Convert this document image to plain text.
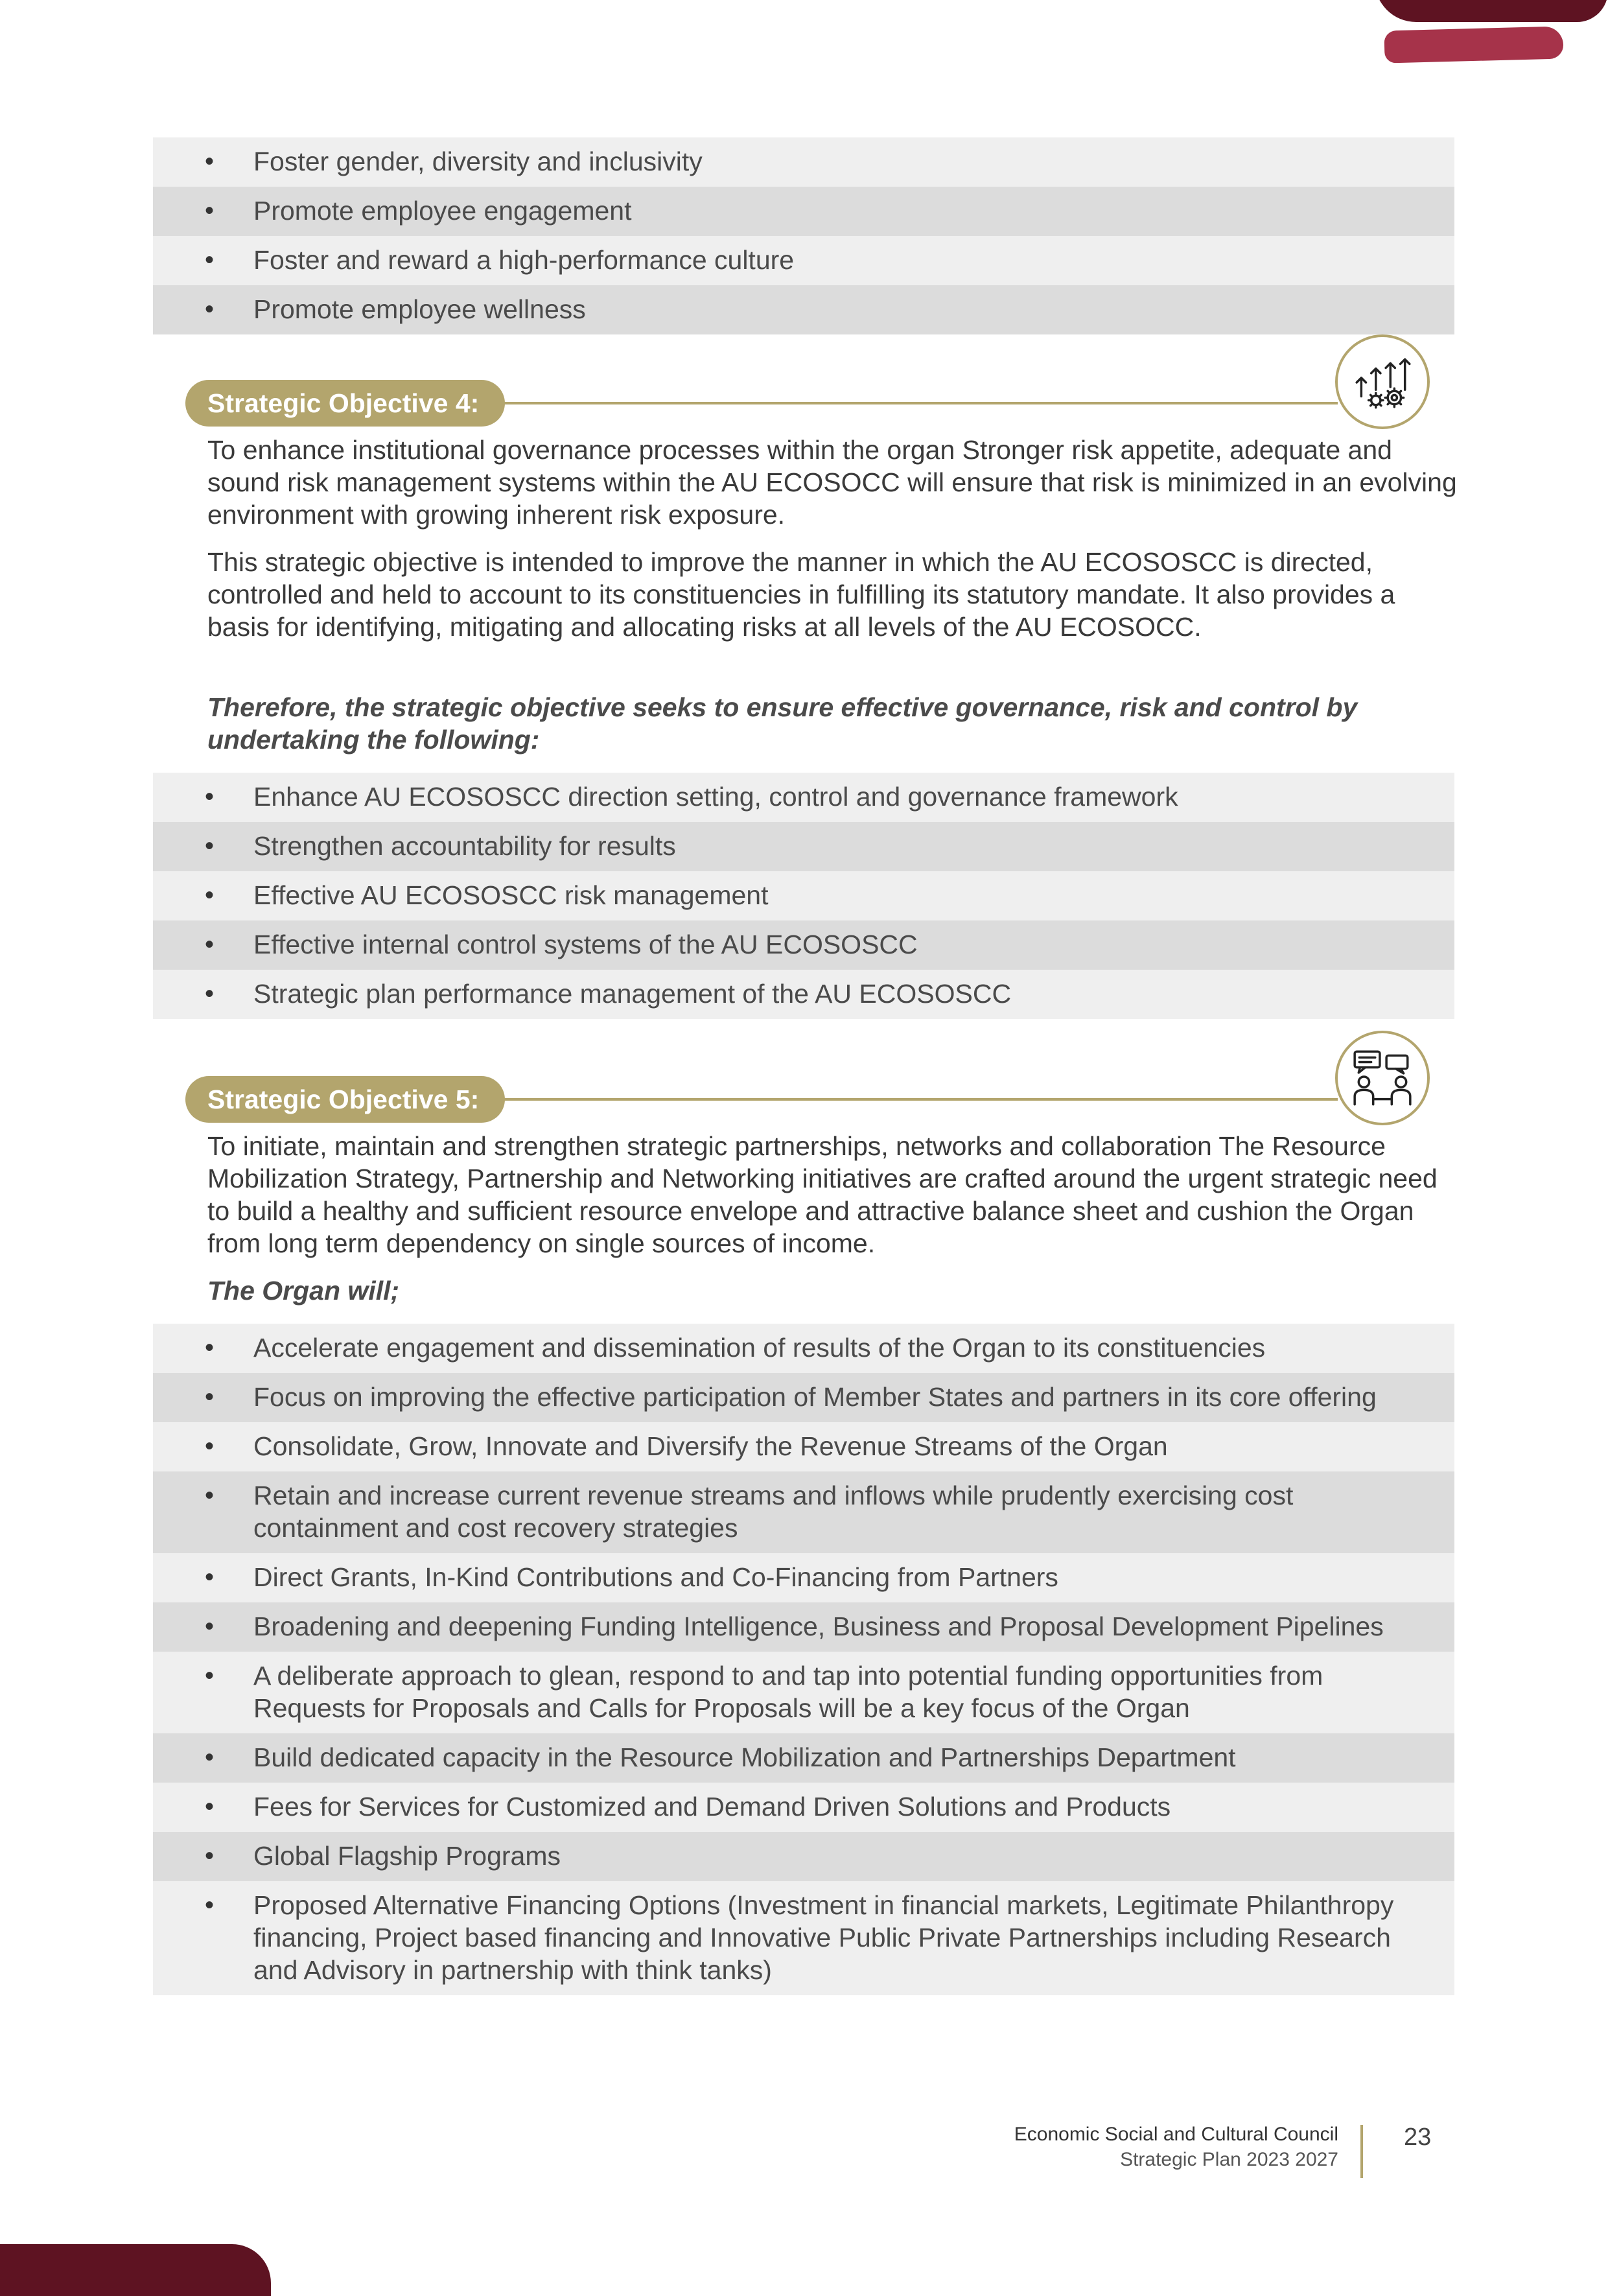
• Foster gender, diversity and inclusivity
• Promote employee engagement
• Foster and reward a high-performance culture
• Promote employee wellness
Strategic Objective 4:

To enhance institutional governance processes within the organ Stronger risk appetite, adequate and sound risk management systems within the AU ECOSOCC will ensure that risk is minimized in an evolving environment with growing inherent risk exposure.

This strategic objective is intended to improve the manner in which the AU ECOSOSCC is directed, controlled and held to account to its constituencies in fulfilling its statutory mandate. It also provides a basis for identifying, mitigating and allocating risks at all levels of the AU ECOSOCC.

Therefore, the strategic objective seeks to ensure effective governance, risk and control by undertaking the following:

• Enhance AU ECOSOSCC direction setting, control and governance framework
• Strengthen accountability for results
• Effective AU ECOSOSCC risk management
• Effective internal control systems of the AU ECOSOSCC
• Strategic plan performance management of the AU ECOSOSCC
Strategic Objective 5:

To initiate, maintain and strengthen strategic partnerships, networks and collaboration The Resource Mobilization Strategy, Partnership and Networking initiatives are crafted around the urgent strategic need to build a healthy and sufficient resource envelope and attractive balance sheet and cushion the Organ from long term dependency on single sources of income.

The Organ will;

• Accelerate engagement and dissemination of results of the Organ to its constituencies
• Focus on improving the effective participation of Member States and partners in its core offering
• Consolidate, Grow, Innovate and Diversify the Revenue Streams of the Organ
• Retain and increase current revenue streams and inflows while prudently exercising cost containment and cost recovery strategies
• Direct Grants, In-Kind Contributions and Co-Financing from Partners
• Broadening and deepening Funding Intelligence, Business and Proposal Development Pipelines
• A deliberate approach to glean, respond to and tap into potential funding opportunities from Requests for Proposals and Calls for Proposals will be a key focus of the Organ
• Build dedicated capacity in the Resource Mobilization and Partnerships Department
• Fees for Services for Customized and Demand Driven Solutions and Products
• Global Flagship Programs
• Proposed Alternative Financing Options (Investment in financial markets, Legitimate Philanthropy financing, Project based financing and Innovative Public Private Partnerships including Research and Advisory in partnership with think tanks)
Economic Social and Cultural Council
Strategic Plan 2023 2027
23
